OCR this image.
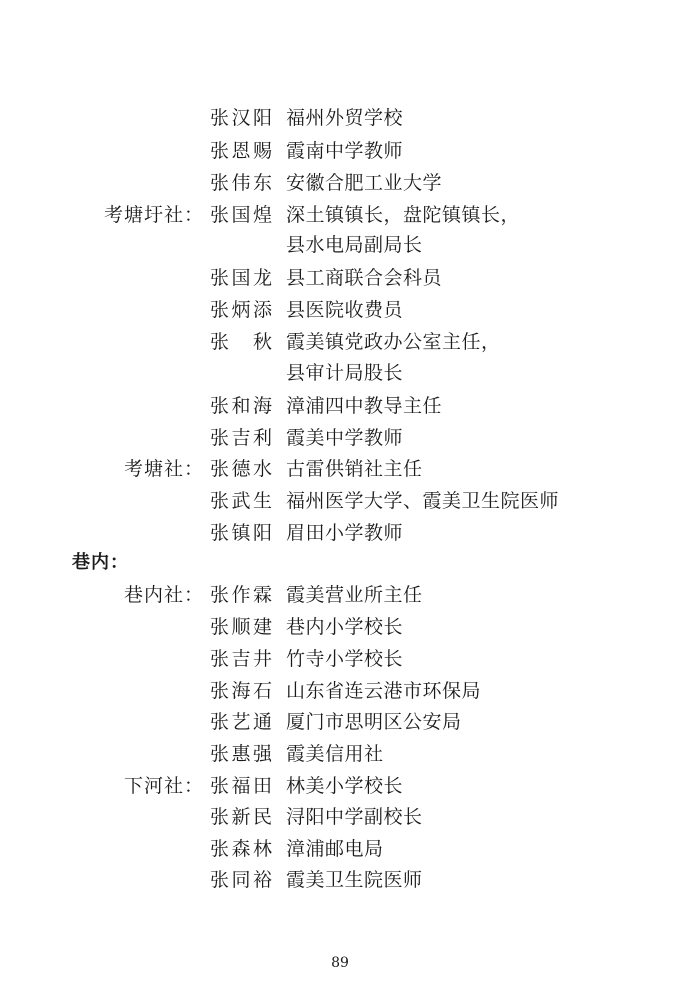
张汉阳 福州外贸学校
张恩赐 霞南中学教师
张伟东 安徽合肥工业大学
考塘圩社： 张国煌 深土镇镇长，盘陀镇镇长，
县水电局副局长
张国龙 县工商联合会科员
张炳添 县医院收费员
张秋 霞美镇党政办公室主任，
县审计局股长
张和海 漳浦四中教导主任
张吉利 霞美中学教师
考塘社： 张德水 古雷供销社主任
张武生 福州医学大学、霞美卫生院医师
张镇阳 眉田小学教师
巷内：
巷内社： 张作霖 霞美营业所主任
张顺建 巷内小学校长
张吉井 竹寺小学校长
张海石 山东省连云港市环保局
张艺通 厦门市思明区公安局
张惠强 霞美信用社
下河社： 张福田 林美小学校长
张新民 浔阳中学副校长
张森林 漳浦邮电局
张同裕 霞美卫生院医师
89
